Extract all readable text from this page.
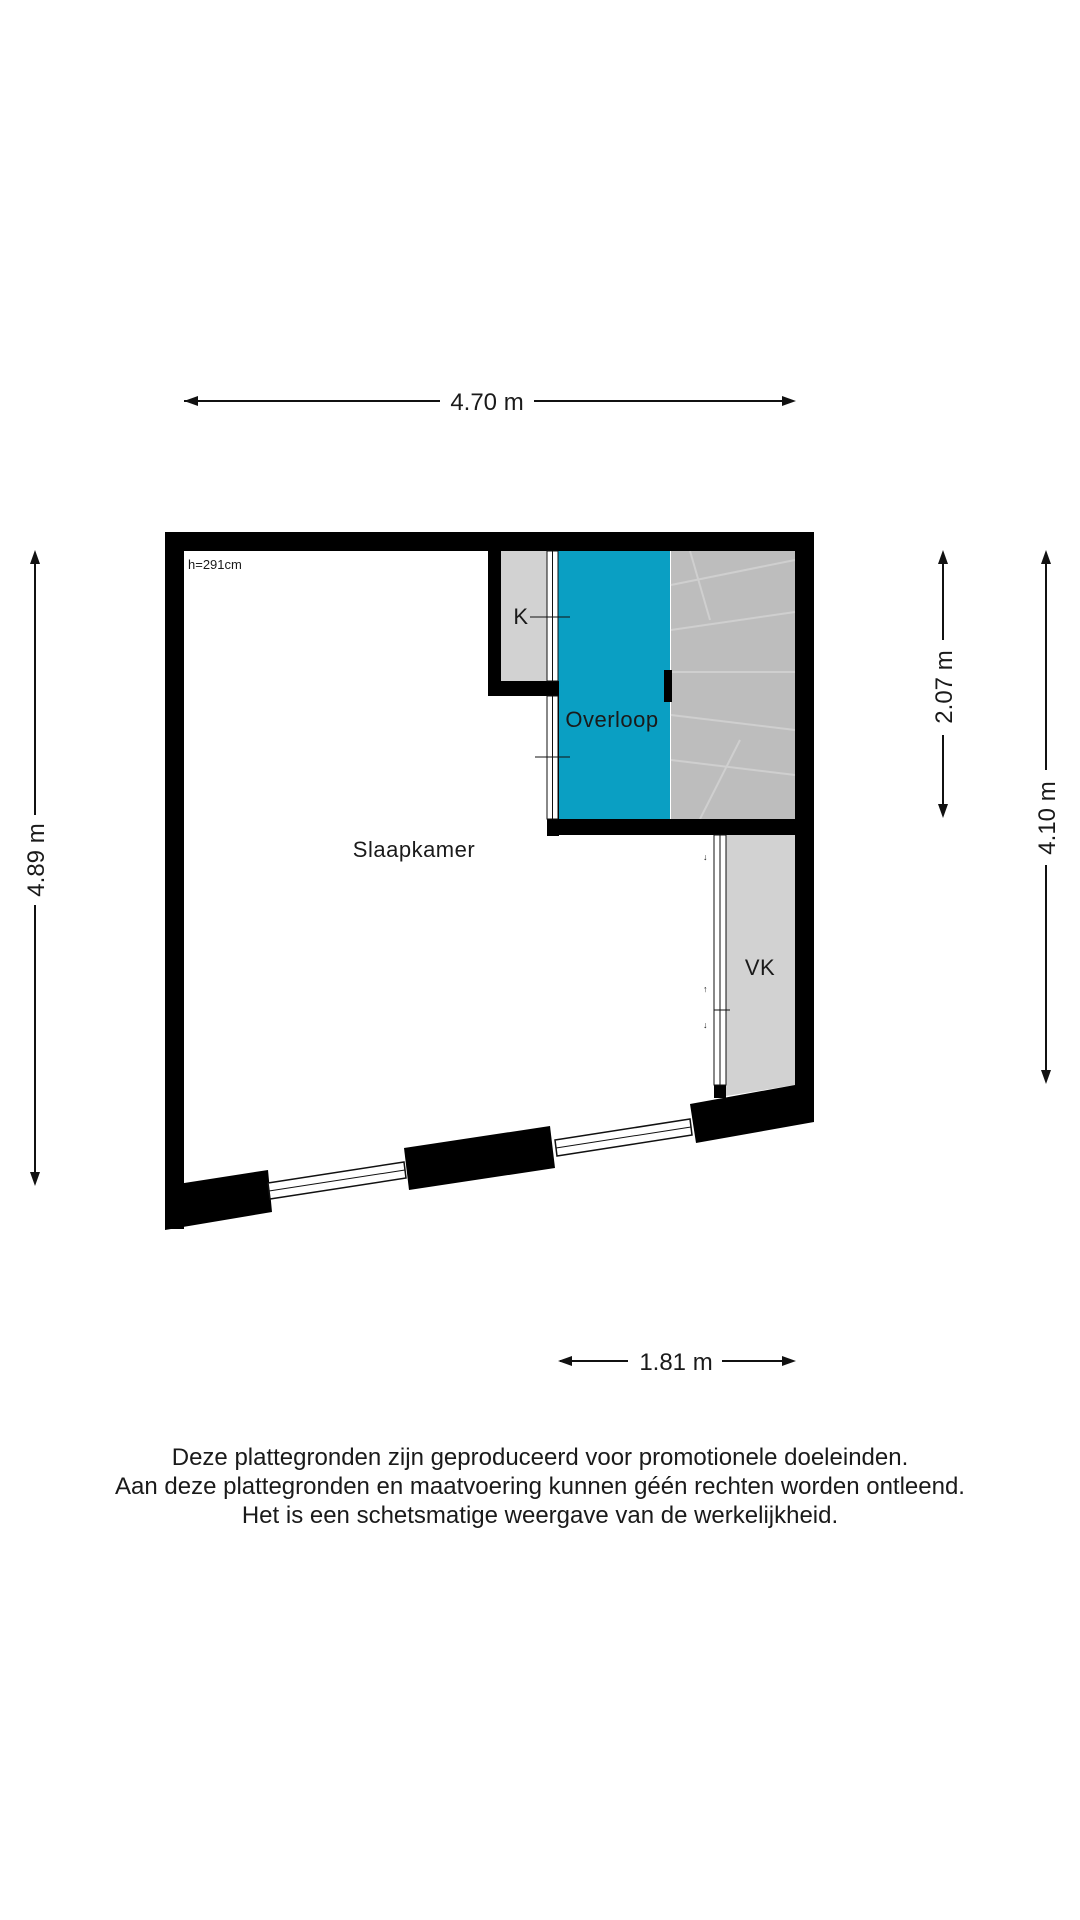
4.70 m
4.89 m
2.07 m
4.10 m
1.81 m
↓
↑
↓
h=291cm
Slaapkamer
Overloop
K
VK
Deze plattegronden zijn geproduceerd voor promotionele doeleinden.
Aan deze plattegronden en maatvoering kunnen géén rechten worden ontleend.
Het is een schetsmatige weergave van de werkelijkheid.
